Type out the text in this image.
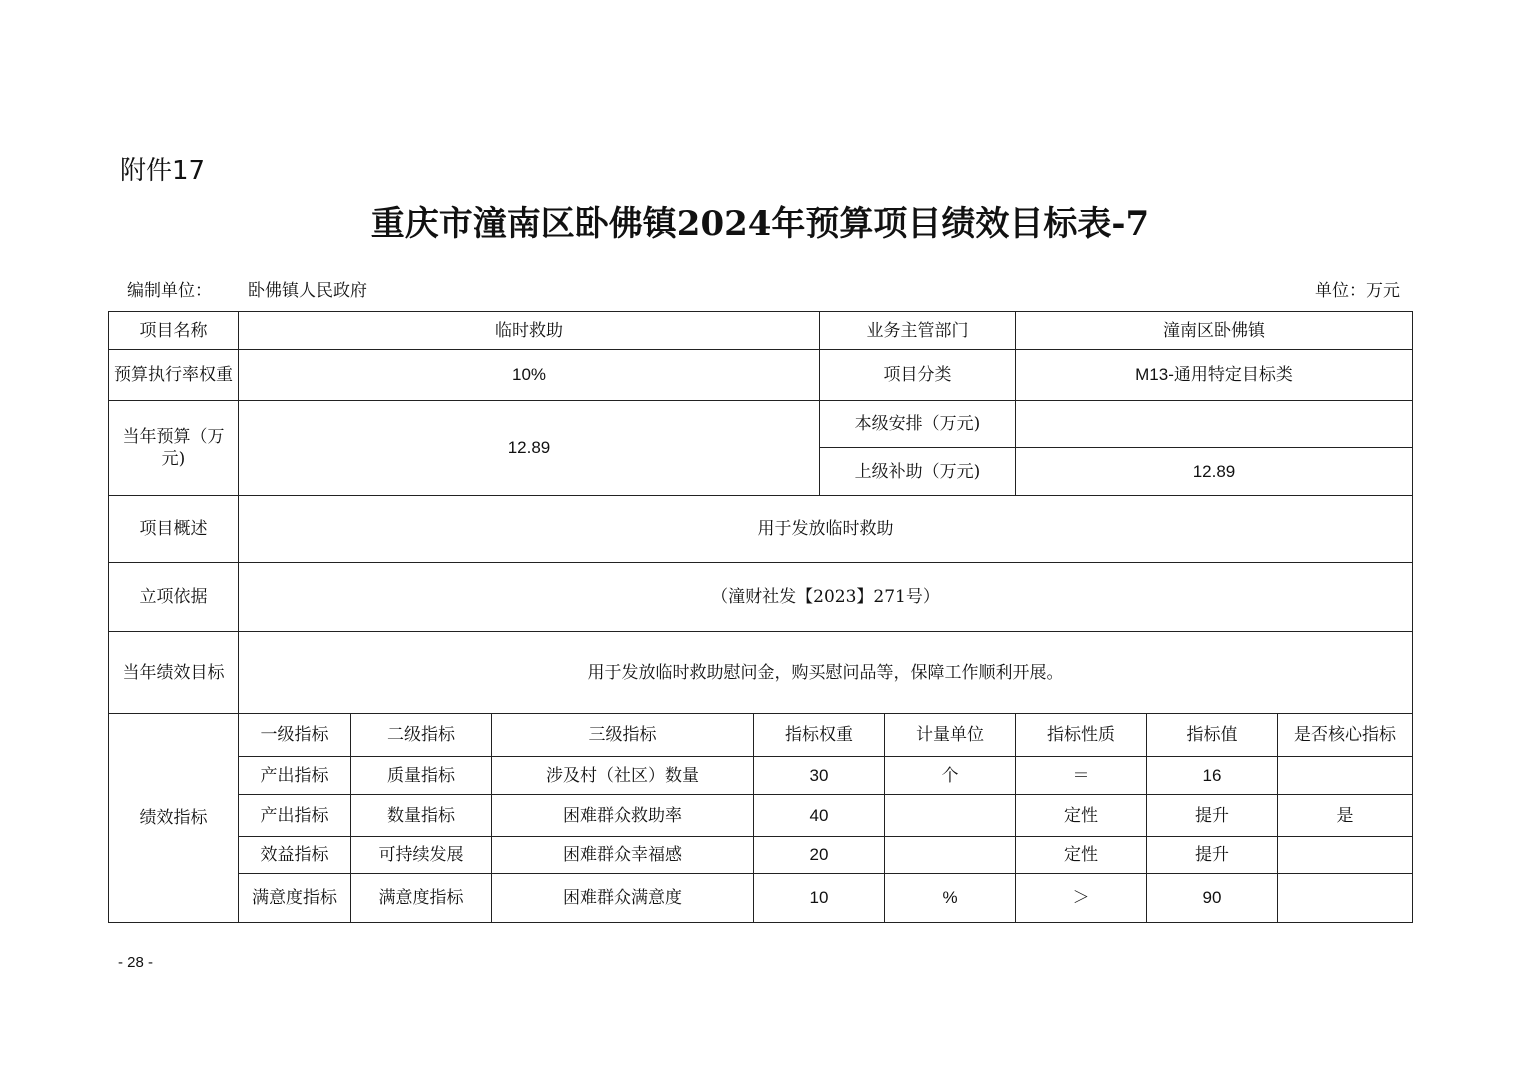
附件17
重庆市潼南区卧佛镇2024年预算项目绩效目标表-7
编制单位： 卧佛镇人民政府	单位：万元
项目名称	临时救助				业务主管部门		潼南区卧佛镇		
预算执行率权重	10%				项目分类		M13-通用特定目标类		
当年预算（万元)	12.89				本级安排（万元)				
					上级补助（万元)		12.89		
项目概述	用于发放临时救助								
立项依据	（潼财社发【2023】271号）								
当年绩效目标	用于发放临时救助慰问金，购买慰问品等，保障工作顺利开展。								
绩效指标	一级指标	二级指标	三级指标	指标权重		计量单位	指标性质	指标值	是否核心指标
	产出指标	质量指标	涉及村（社区）数量	30		个	＝	16	
	产出指标	数量指标	困难群众救助率	40			定性	提升	是
	效益指标	可持续发展	困难群众幸福感	20			定性	提升	
	满意度指标	满意度指标	困难群众满意度	10		%	＞	90	
- 28 -
